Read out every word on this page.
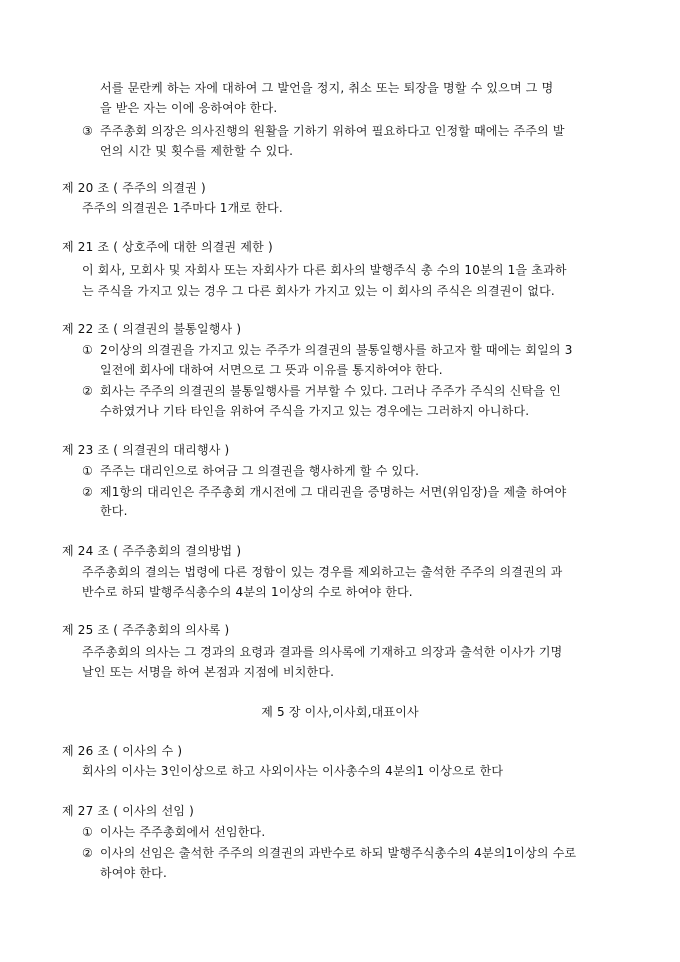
서를 문란케 하는 자에 대하여 그 발언을 정지, 취소 또는 퇴장을 명할 수 있으며 그 명
을 받은 자는 이에 응하여야 한다.
③ 주주총회 의장은 의사진행의 원활을 기하기 위하여 필요하다고 인정할 때에는 주주의 발
언의 시간 및 횟수를 제한할 수 있다.
제 20 조 ( 주주의 의결권 )
주주의 의결권은 1주마다 1개로 한다.
제 21 조 ( 상호주에 대한 의결권 제한 )
이 회사, 모회사 및 자회사 또는 자회사가 다른 회사의 발행주식 총 수의 10분의 1을 초과하
는 주식을 가지고 있는 경우 그 다른 회사가 가지고 있는 이 회사의 주식은 의결권이 없다.
제 22 조 ( 의결권의 불통일행사 )
① 2이상의 의결권을 가지고 있는 주주가 의결권의 불통일행사를 하고자 할 때에는 회일의 3
일전에 회사에 대하여 서면으로 그 뜻과 이유를 통지하여야 한다.
② 회사는 주주의 의결권의 불통일행사를 거부할 수 있다. 그러나 주주가 주식의 신탁을 인
수하였거나 기타 타인을 위하여 주식을 가지고 있는 경우에는 그러하지 아니하다.
제 23 조 ( 의결권의 대리행사 )
① 주주는 대리인으로 하여금 그 의결권을 행사하게 할 수 있다.
② 제1항의 대리인은 주주총회 개시전에 그 대리권을 증명하는 서면(위임장)을 제출 하여야
한다.
제 24 조 ( 주주총회의 결의방법 )
주주총회의 결의는 법령에 다른 정함이 있는 경우를 제외하고는 출석한 주주의 의결권의 과
반수로 하되 발행주식총수의 4분의 1이상의 수로 하여야 한다.
제 25 조 ( 주주총회의 의사록 )
주주총회의 의사는 그 경과의 요령과 결과를 의사록에 기재하고 의장과 출석한 이사가 기명
날인 또는 서명을 하여 본점과 지점에 비치한다.
제 5 장 이사,이사회,대표이사
제 26 조 ( 이사의 수 )
회사의 이사는 3인이상으로 하고 사외이사는 이사총수의 4분의1 이상으로 한다
제 27 조 ( 이사의 선임 )
① 이사는 주주총회에서 선임한다.
② 이사의 선임은 출석한 주주의 의결권의 과반수로 하되 발행주식총수의 4분의1이상의 수로
하여야 한다.
